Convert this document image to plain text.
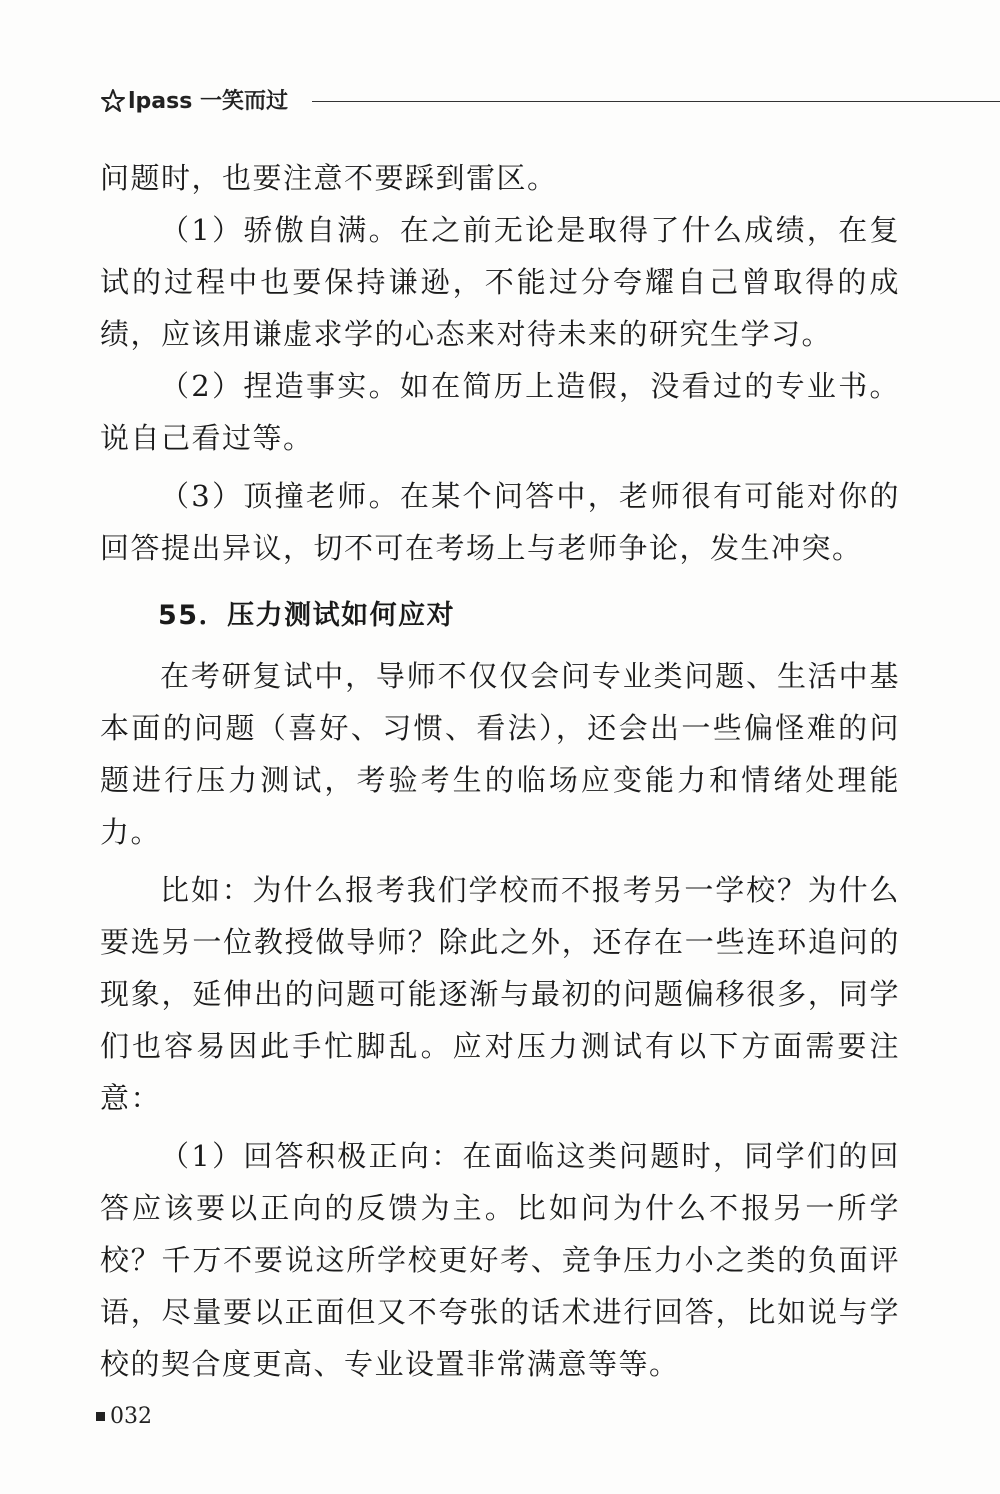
lpass 一笑而过

问题时，也要注意不要踩到雷区。

（1）骄傲自满。在之前无论是取得了什么成绩，在复试的过程中也要保持谦逊，不能过分夸耀自己曾取得的成绩，应该用谦虚求学的心态来对待未来的研究生学习。

（2）捏造事实。如在简历上造假，没看过的专业书。说自己看过等。

（3）顶撞老师。在某个问答中，老师很有可能对你的回答提出异议，切不可在考场上与老师争论，发生冲突。

55．压力测试如何应对

在考研复试中，导师不仅仅会问专业类问题、生活中基本面的问题（喜好、习惯、看法），还会出一些偏怪难的问题进行压力测试，考验考生的临场应变能力和情绪处理能力。

比如：为什么报考我们学校而不报考另一学校？为什么要选另一位教授做导师？除此之外，还存在一些连环追问的现象，延伸出的问题可能逐渐与最初的问题偏移很多，同学们也容易因此手忙脚乱。应对压力测试有以下方面需要注意：

（1）回答积极正向：在面临这类问题时，同学们的回答应该要以正向的反馈为主。比如问为什么不报另一所学校？千万不要说这所学校更好考、竞争压力小之类的负面评语，尽量要以正面但又不夸张的话术进行回答，比如说与学校的契合度更高、专业设置非常满意等等。

032
